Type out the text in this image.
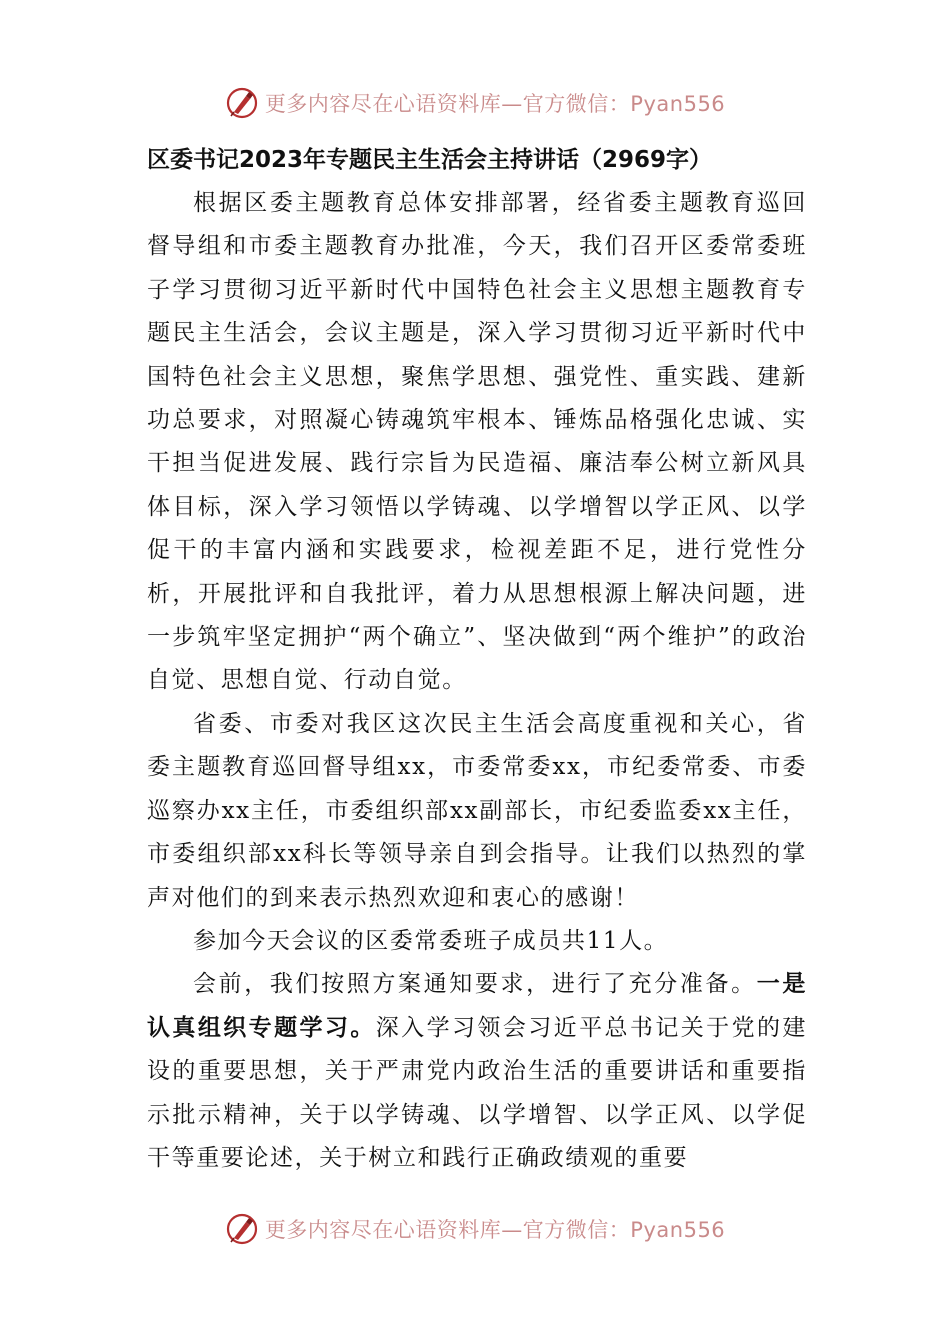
更多内容尽在心语资料库—官方微信：Pyan556
区委书记2023年专题民主生活会主持讲话（2969字）

根据区委主题教育总体安排部署，经省委主题教育巡回督导组和市委主题教育办批准，今天，我们召开区委常委班子学习贯彻习近平新时代中国特色社会主义思想主题教育专题民主生活会，会议主题是，深入学习贯彻习近平新时代中国特色社会主义思想，聚焦学思想、强党性、重实践、建新功总要求，对照凝心铸魂筑牢根本、锤炼品格强化忠诚、实干担当促进发展、践行宗旨为民造福、廉洁奉公树立新风具体目标，深入学习领悟以学铸魂、以学增智以学正风、以学促干的丰富内涵和实践要求，检视差距不足，进行党性分析，开展批评和自我批评，着力从思想根源上解决问题，进一步筑牢坚定拥护“两个确立”、坚决做到“两个维护”的政治自觉、思想自觉、行动自觉。

省委、市委对我区这次民主生活会高度重视和关心，省委主题教育巡回督导组xx，市委常委xx，市纪委常委、市委巡察办xx主任，市委组织部xx副部长，市纪委监委xx主任，市委组织部xx科长等领导亲自到会指导。让我们以热烈的掌声对他们的到来表示热烈欢迎和衷心的感谢！

参加今天会议的区委常委班子成员共11人。

会前，我们按照方案通知要求，进行了充分准备。一是认真组织专题学习。深入学习领会习近平总书记关于党的建设的重要思想，关于严肃党内政治生活的重要讲话和重要指示批示精神，关于以学铸魂、以学增智、以学正风、以学促干等重要论述，关于树立和践行正确政绩观的重要

更多内容尽在心语资料库—官方微信：Pyan556
